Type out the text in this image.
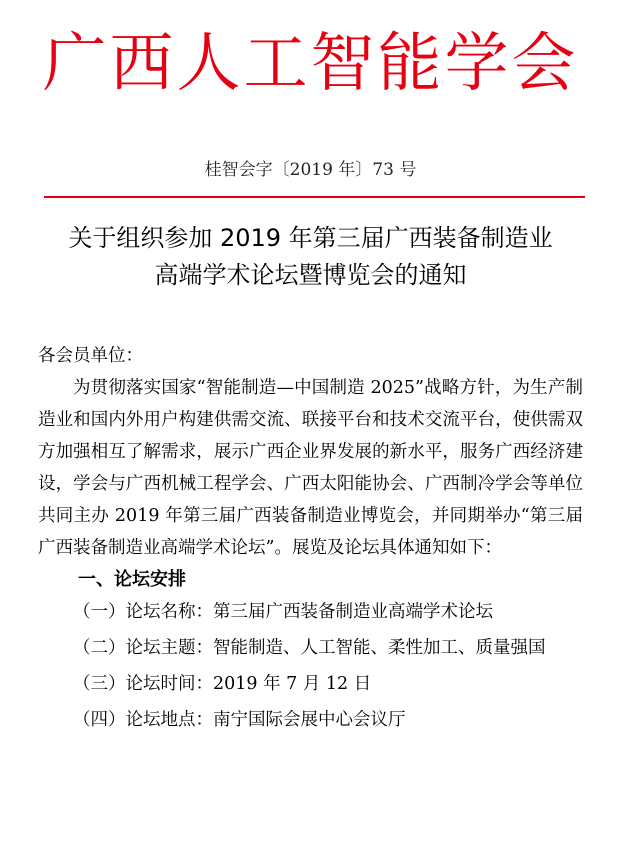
广西人工智能学会
桂智会字〔2019 年〕73 号
关于组织参加 2019 年第三届广西装备制造业
高端学术论坛暨博览会的通知

各会员单位：

为贯彻落实国家“智能制造—中国制造 2025”战略方针，为生产制造业和国内外用户构建供需交流、联接平台和技术交流平台，使供需双方加强相互了解需求，展示广西企业界发展的新水平，服务广西经济建设，学会与广西机械工程学会、广西太阳能协会、广西制冷学会等单位共同主办 2019 年第三届广西装备制造业博览会，并同期举办“第三届广西装备制造业高端学术论坛”。展览及论坛具体通知如下：

一、论坛安排

（一）论坛名称：第三届广西装备制造业高端学术论坛

（二）论坛主题：智能制造、人工智能、柔性加工、质量强国

（三）论坛时间：2019 年 7 月 12 日

（四）论坛地点：南宁国际会展中心会议厅
